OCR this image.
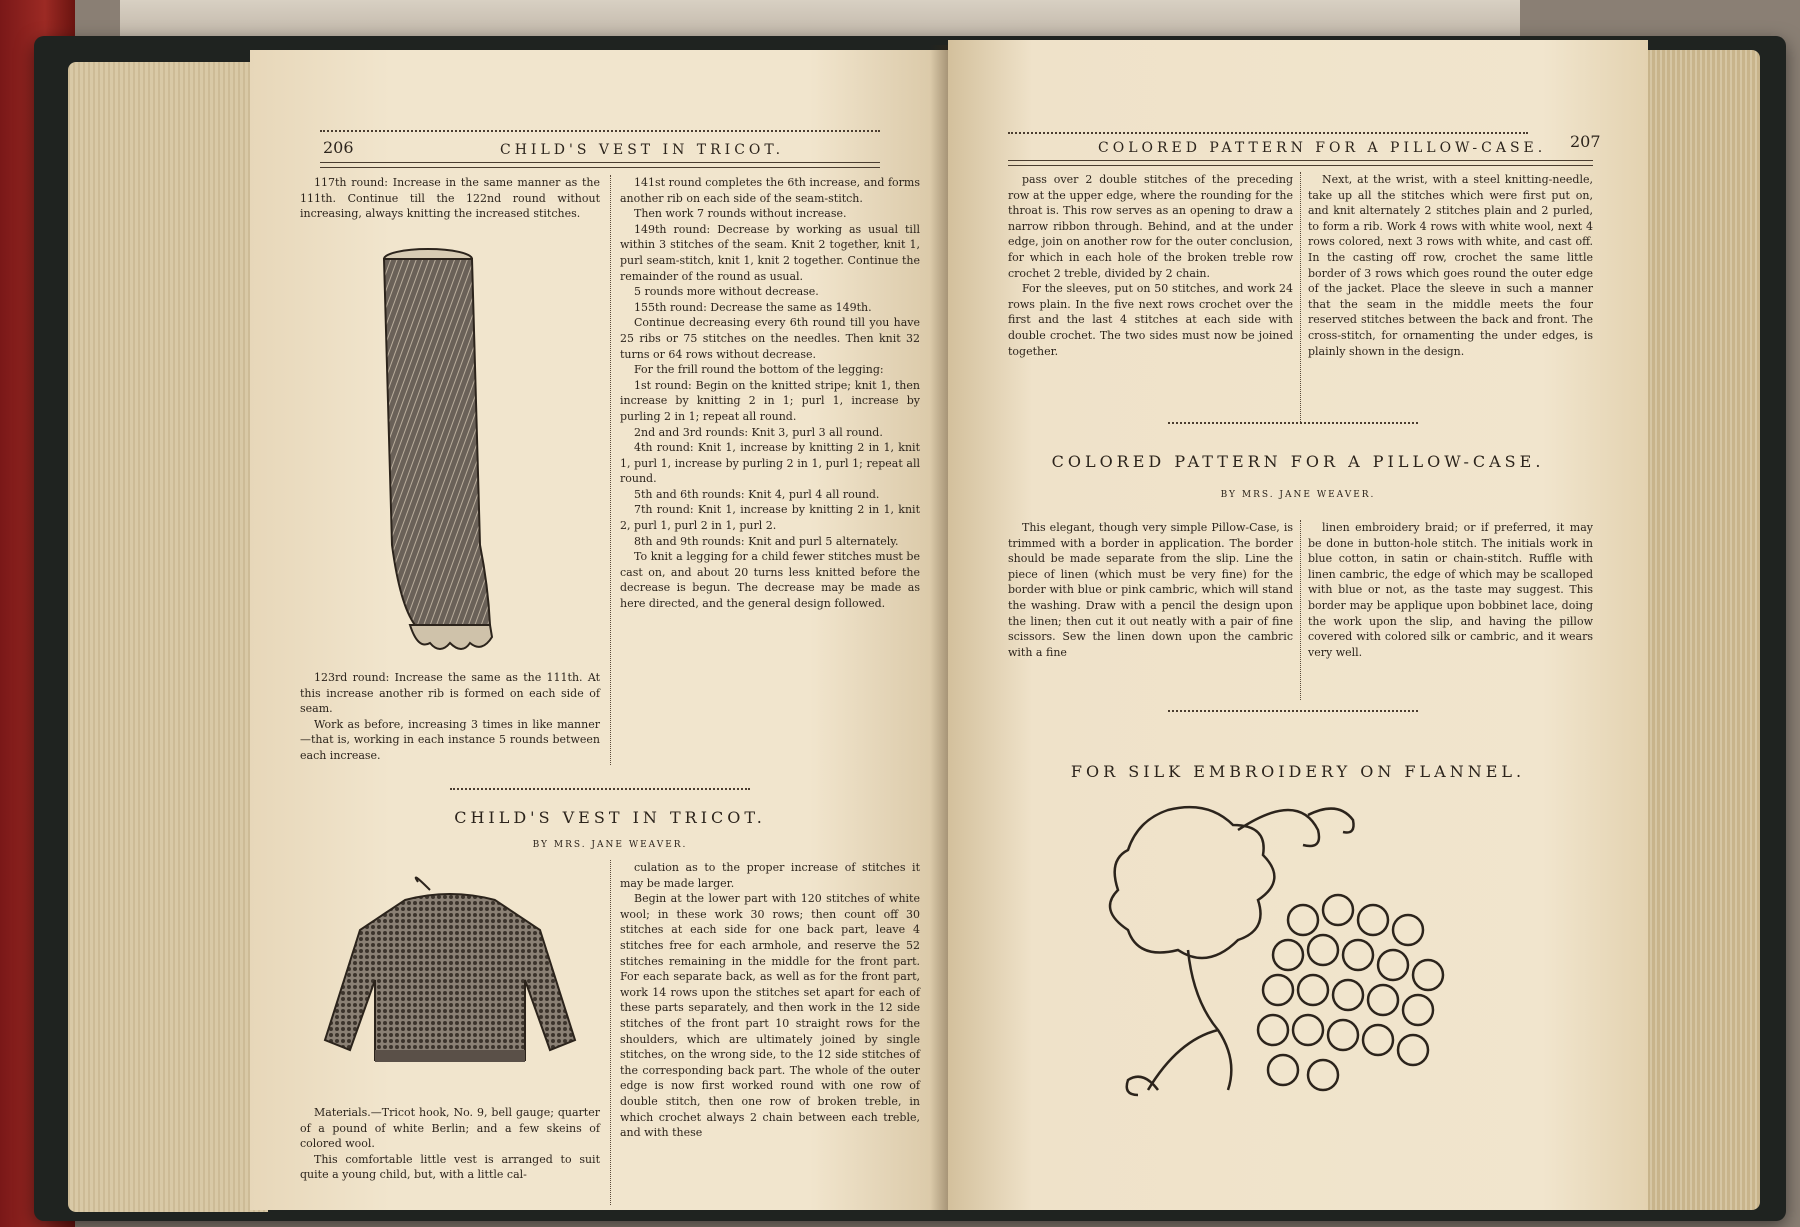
206	CHILD'S VEST IN TRICOT.

117th round: Increase in the same manner as the 111th. Continue till the 122nd round without increasing, always knitting the increased stitches.

123rd round: Increase the same as the 111th. At this increase another rib is formed on each side of seam.

Work as before, increasing 3 times in like manner—that is, working in each instance 5 rounds between each increase.

141st round completes the 6th increase, and forms another rib on each side of the seam-stitch.

Then work 7 rounds without increase.

149th round: Decrease by working as usual till within 3 stitches of the seam. Knit 2 together, knit 1, purl seam-stitch, knit 1, knit 2 together. Continue the remainder of the round as usual.

5 rounds more without decrease.

155th round: Decrease the same as 149th.

Continue decreasing every 6th round till you have 25 ribs or 75 stitches on the needles. Then knit 32 turns or 64 rows without decrease.

For the frill round the bottom of the legging:

1st round: Begin on the knitted stripe; knit 1, then increase by knitting 2 in 1; purl 1, increase by purling 2 in 1; repeat all round.

2nd and 3rd rounds: Knit 3, purl 3 all round.

4th round: Knit 1, increase by knitting 2 in 1, knit 1, purl 1, increase by purling 2 in 1, purl 1; repeat all round.

5th and 6th rounds: Knit 4, purl 4 all round.

7th round: Knit 1, increase by knitting 2 in 1, knit 2, purl 1, purl 2 in 1, purl 2.

8th and 9th rounds: Knit and purl 5 alternately.

To knit a legging for a child fewer stitches must be cast on, and about 20 turns less knitted before the decrease is begun. The decrease may be made as here directed, and the general design followed.

CHILD'S VEST IN TRICOT.
BY MRS. JANE WEAVER.

Materials.—Tricot hook, No. 9, bell gauge; quarter of a pound of white Berlin; and a few skeins of colored wool.

This comfortable little vest is arranged to suit quite a young child, but, with a little cal-

culation as to the proper increase of stitches it may be made larger.

Begin at the lower part with 120 stitches of white wool; in these work 30 rows; then count off 30 stitches at each side for one back part, leave 4 stitches free for each armhole, and reserve the 52 stitches remaining in the middle for the front part. For each separate back, as well as for the front part, work 14 rows upon the stitches set apart for each of these parts separately, and then work in the 12 side stitches of the front part 10 straight rows for the shoulders, which are ultimately joined by single stitches, on the wrong side, to the 12 side stitches of the corresponding back part. The whole of the outer edge is now first worked round with one row of double stitch, then one row of broken treble, in which crochet always 2 chain between each treble, and with these

COLORED PATTERN FOR A PILLOW-CASE. 207

pass over 2 double stitches of the preceding row at the upper edge, where the rounding for the throat is. This row serves as an opening to draw a narrow ribbon through. Behind, and at the under edge, join on another row for the outer conclusion, for which in each hole of the broken treble row crochet 2 treble, divided by 2 chain.

For the sleeves, put on 50 stitches, and work 24 rows plain. In the five next rows crochet over the first and the last 4 stitches at each side with double crochet. The two sides must now be joined together.

Next, at the wrist, with a steel knitting-needle, take up all the stitches which were first put on, and knit alternately 2 stitches plain and 2 purled, to form a rib. Work 4 rows with white wool, next 4 rows colored, next 3 rows with white, and cast off. In the casting off row, crochet the same little border of 3 rows which goes round the outer edge of the jacket. Place the sleeve in such a manner that the seam in the middle meets the four reserved stitches between the back and front. The cross-stitch, for ornamenting the under edges, is plainly shown in the design.

COLORED PATTERN FOR A PILLOW-CASE.
BY MRS. JANE WEAVER.

This elegant, though very simple Pillow-Case, is trimmed with a border in application. The border should be made separate from the slip. Line the piece of linen (which must be very fine) for the border with blue or pink cambric, which will stand the washing. Draw with a pencil the design upon the linen; then cut it out neatly with a pair of fine scissors. Sew the linen down upon the cambric with a fine

linen embroidery braid; or if preferred, it may be done in button-hole stitch. The initials work in blue cotton, in satin or chain-stitch. Ruffle with linen cambric, the edge of which may be scalloped with blue or not, as the taste may suggest. This border may be applique upon bobbinet lace, doing the work upon the slip, and having the pillow covered with colored silk or cambric, and it wears very well.

FOR SILK EMBROIDERY ON FLANNEL.
